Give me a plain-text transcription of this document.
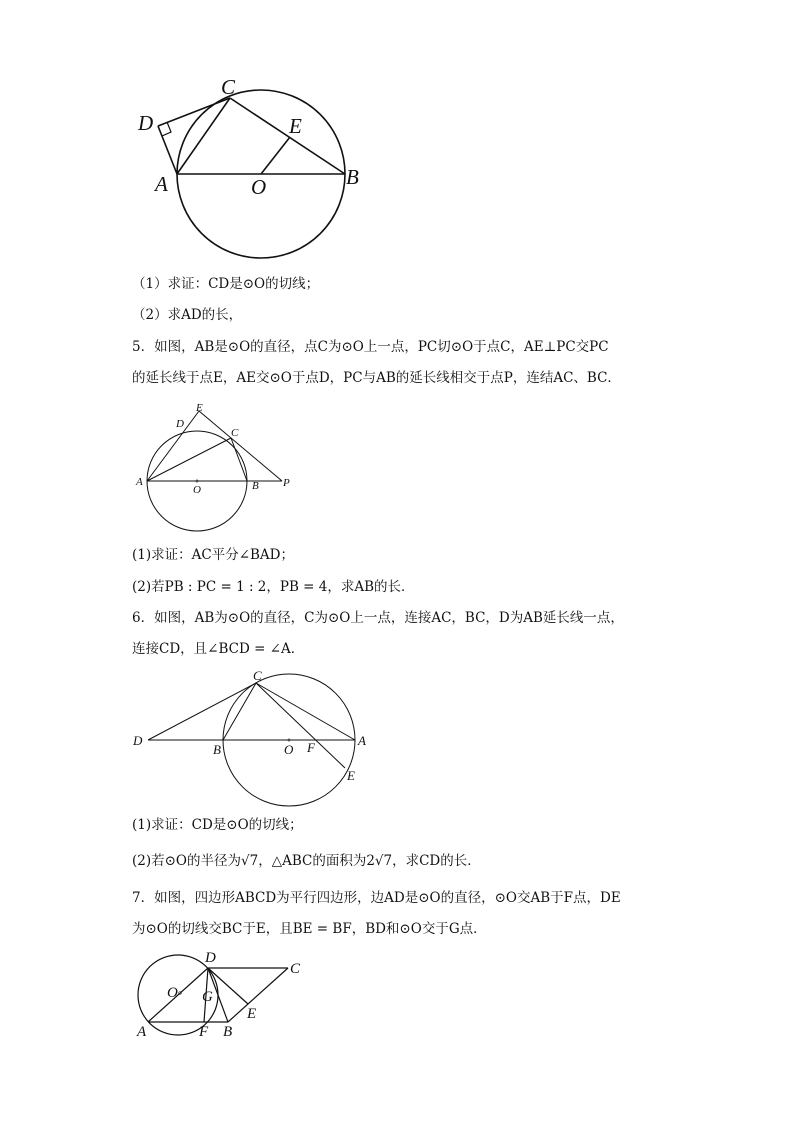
C
D	E
A	O	B
（1）求证：CD是⊙O的切线；
（2）求AD的长，
5．如图，AB是⊙O的直径，点C为⊙O上一点，PC切⊙O于点C，AE⊥PC交PC
的延长线于点E，AE交⊙O于点D，PC与AB的延长线相交于点P，连结AC、BC．
E
D
C
A
O	B P
(1)求证：AC平分∠BAD；
(2)若PB : PC = 1 : 2，PB = 4，求AB的长．
6．如图，AB为⊙O的直径，C为⊙O上一点，连接AC，BC，D为AB延长线一点，
连接CD，且∠BCD = ∠A．
C
D
B	O F	A
E
(1)求证：CD是⊙O的切线；
(2)若⊙O的半径为√7，△ABC的面积为2√7，求CD的长．
7．如图，四边形ABCD为平行四边形，边AD是⊙O的直径，⊙O交AB于F点，DE
为⊙O的切线交BC于E，且BE = BF，BD和⊙O交于G点．
D
C
O G
E
A	F B
